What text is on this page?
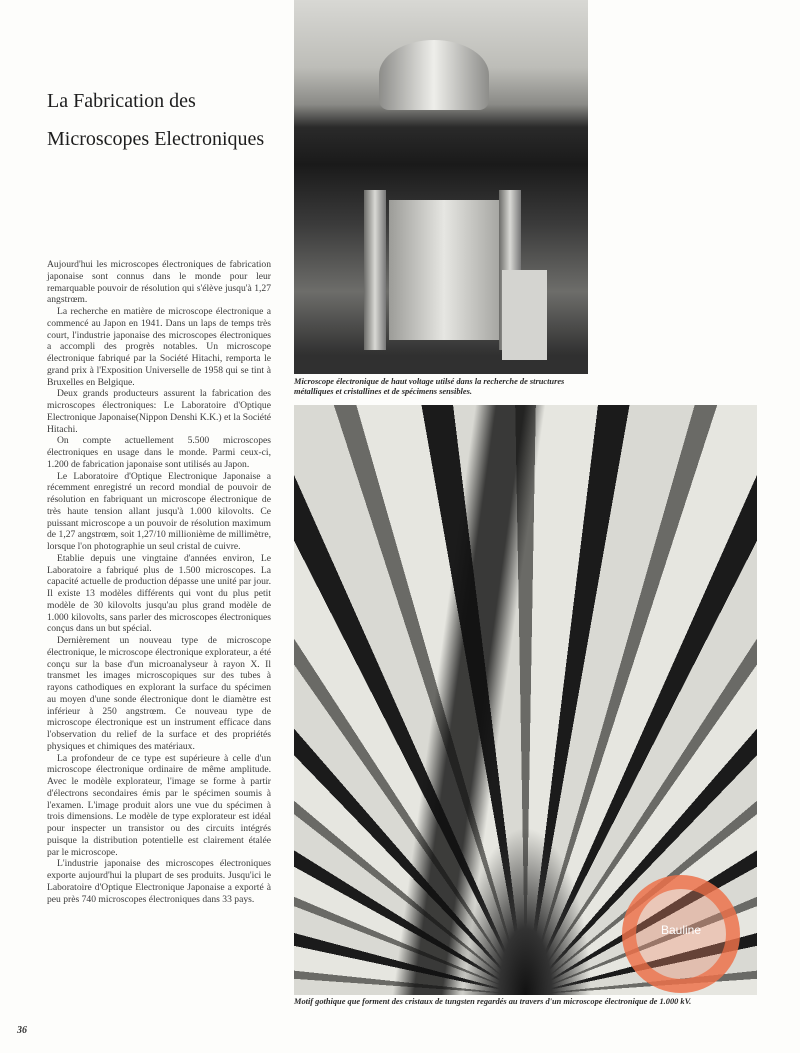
La Fabrication des
Microscopes Electroniques

Aujourd'hui les microscopes électroniques de fabrication japonaise sont connus dans le monde pour leur remarquable pouvoir de résolution qui s'élève jusqu'à 1,27 angstrœm.

La recherche en matière de microscope électronique a commencé au Japon en 1941. Dans un laps de temps très court, l'industrie japonaise des microscopes électroniques a accompli des progrès notables. Un microscope électronique fabriqué par la Société Hitachi, remporta le grand prix à l'Exposition Universelle de 1958 qui se tint à Bruxelles en Belgique.

Deux grands producteurs assurent la fabrication des microscopes électroniques: Le Laboratoire d'Optique Electronique Japonaise(Nippon Denshi K.K.) et la Société Hitachi.

On compte actuellement 5.500 microscopes électroniques en usage dans le monde. Parmi ceux-ci, 1.200 de fabrication japonaise sont utilisés au Japon.

Le Laboratoire d'Optique Electronique Japonaise a récemment enregistré un record mondial de pouvoir de résolution en fabriquant un microscope électronique de très haute tension allant jusqu'à 1.000 kilovolts. Ce puissant microscope a un pouvoir de résolution maximum de 1,27 angstrœm, soit 1,27/10 millionième de millimètre, lorsque l'on photographie un seul cristal de cuivre.

Etablie depuis une vingtaine d'années environ, Le Laboratoire a fabriqué plus de 1.500 microscopes. La capacité actuelle de production dépasse une unité par jour. Il existe 13 modèles différents qui vont du plus petit modèle de 30 kilovolts jusqu'au plus grand modèle de 1.000 kilovolts, sans parler des microscopes électroniques conçus dans un but spécial.

Dernièrement un nouveau type de microscope électronique, le microscope électronique explorateur, a été conçu sur la base d'un microanalyseur à rayon X. Il transmet les images microscopiques sur des tubes à rayons cathodiques en explorant la surface du spécimen au moyen d'une sonde électronique dont le diamètre est inférieur à 250 angstrœm. Ce nouveau type de microscope électronique est un instrument efficace dans l'observation du relief de la surface et des propriétés physiques et chimiques des matériaux.

La profondeur de ce type est supérieure à celle d'un microscope électronique ordinaire de même amplitude. Avec le modèle explorateur, l'image se forme à partir d'électrons secondaires émis par le spécimen soumis à l'examen. L'image produit alors une vue du spécimen à trois dimensions. Le modèle de type explorateur est idéal pour inspecter un transistor ou des circuits intégrés puisque la distribution potentielle est clairement étalée par le microscope.

L'industrie japonaise des microscopes électroniques exporte aujourd'hui la plupart de ses produits. Jusqu'ici le Laboratoire d'Optique Electronique Japonaise a exporté à peu près 740 microscopes électroniques dans 33 pays.

Microscope électronique de haut voltage utilsé dans la recherche de structures métalliques et cristallines et de spécimens sensibles.
Bauline
Motif gothique que forment des cristaux de tungsten regardés au travers d'un microscope électronique de 1.000 kV.
36
